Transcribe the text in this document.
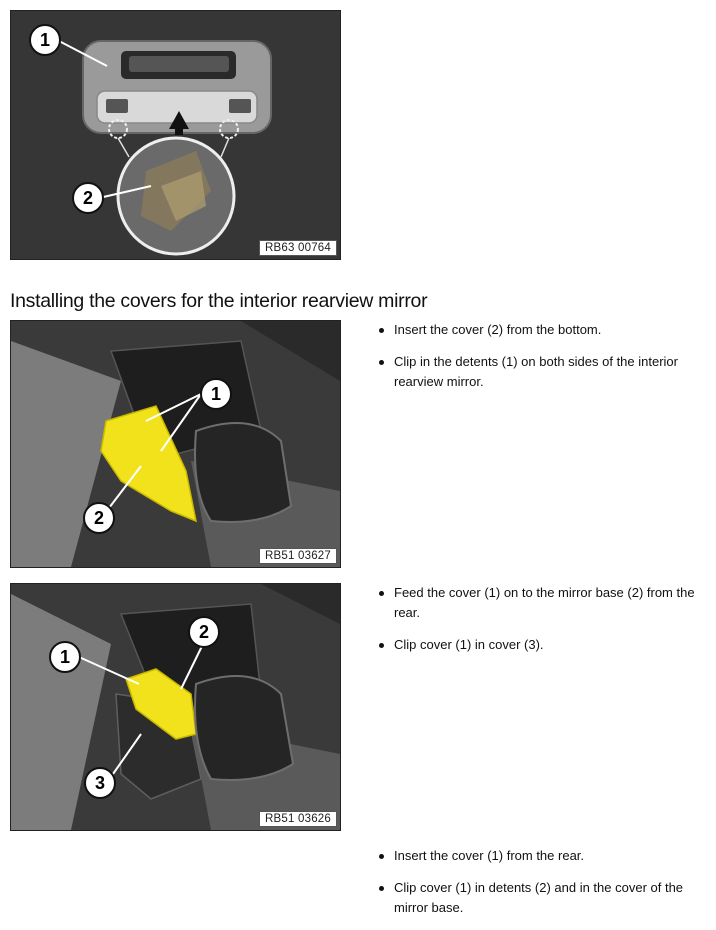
1
2
RB63 00764
Installing the covers for the interior rearview mirror
1
2
RB51 03627
Insert the cover (2) from the bottom.
Clip in the detents (1) on both sides of the interior rearview mirror.
1
2
3
RB51 03626
Feed the cover (1) on to the mirror base (2) from the rear.
Clip cover (1) in cover (3).
Insert the cover (1) from the rear.
Clip cover (1) in detents (2) and in the cover of the mirror base.
